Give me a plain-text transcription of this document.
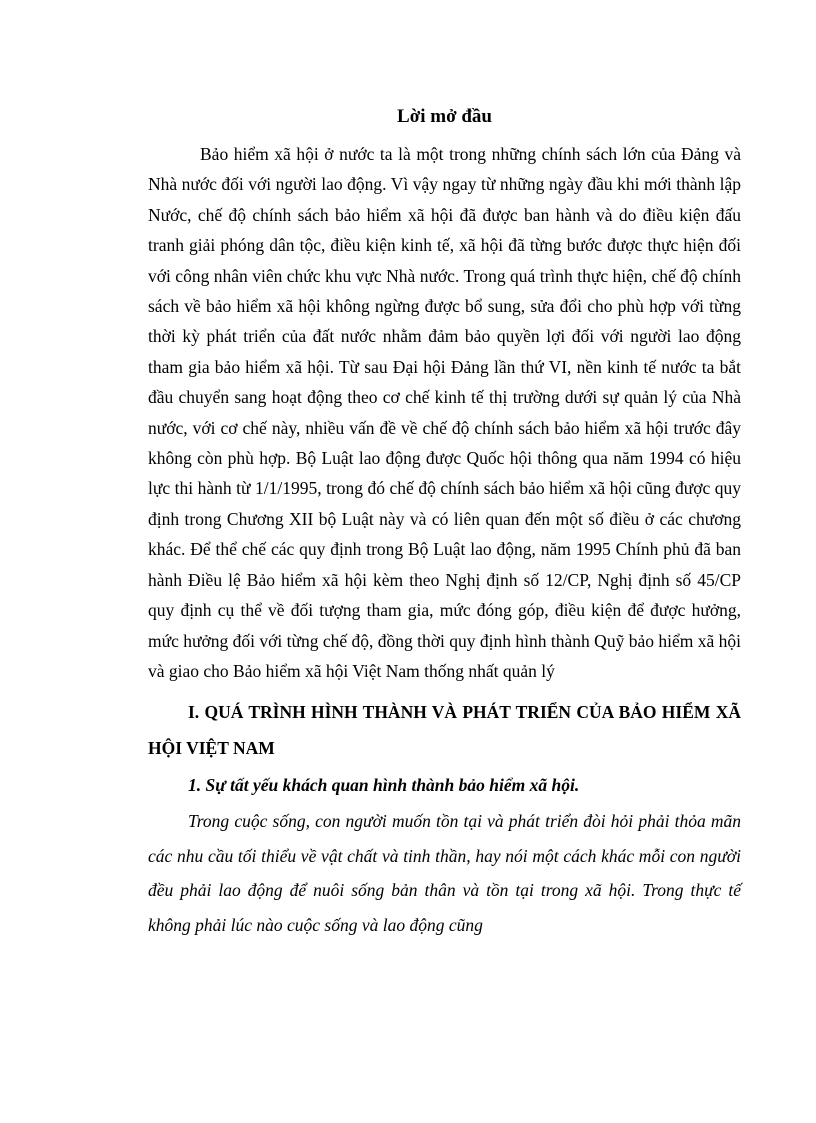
Lời mở đầu

Bảo hiểm xã hội ở nước ta là một trong những chính sách lớn của Đảng và Nhà nước đối với người lao động. Vì vậy ngay từ những ngày đầu khi mới thành lập Nước, chế độ chính sách bảo hiểm xã hội đã được ban hành và do điều kiện đấu tranh giải phóng dân tộc, điều kiện kinh tế, xã hội đã từng bước được thực hiện đối với công nhân viên chức khu vực Nhà nước. Trong quá trình thực hiện, chế độ chính sách về bảo hiểm xã hội không ngừng được bổ sung, sửa đổi cho phù hợp với từng thời kỳ phát triển của đất nước nhằm đảm bảo quyền lợi đối với người lao động tham gia bảo hiểm xã hội. Từ sau Đại hội Đảng lần thứ VI, nền kinh tế nước ta bắt đầu chuyển sang hoạt động theo cơ chế kinh tế thị trường dưới sự quản lý của Nhà nước, với cơ chế này, nhiều vấn đề về chế độ chính sách bảo hiểm xã hội trước đây không còn phù hợp. Bộ Luật lao động được Quốc hội thông qua năm 1994 có hiệu lực thi hành từ 1/1/1995, trong đó chế độ chính sách bảo hiểm xã hội cũng được quy định trong Chương XII bộ Luật này và có liên quan đến một số điều ở các chương khác. Để thể chế các quy định trong Bộ Luật lao động, năm 1995 Chính phủ đã ban hành Điều lệ Bảo hiểm xã hội kèm theo Nghị định số 12/CP, Nghị định số 45/CP quy định cụ thể về đối tượng tham gia, mức đóng góp, điều kiện để được hưởng, mức hưởng đối với từng chế độ, đồng thời quy định hình thành Quỹ bảo hiểm xã hội và giao cho Bảo hiểm xã hội Việt Nam thống nhất quản lý

I. QUÁ TRÌNH HÌNH THÀNH VÀ PHÁT TRIỂN CỦA BẢO HIỂM XÃ HỘI VIỆT NAM
1. Sự tất yếu khách quan hình thành bảo hiểm xã hội.

Trong cuộc sống, con người muốn tồn tại và phát triển đòi hỏi phải thỏa mãn các nhu cầu tối thiểu về vật chất và tinh thần, hay nói một cách khác mỗi con người đều phải lao động để nuôi sống bản thân và tồn tại trong xã hội. Trong thực tế không phải lúc nào cuộc sống và lao động cũng
